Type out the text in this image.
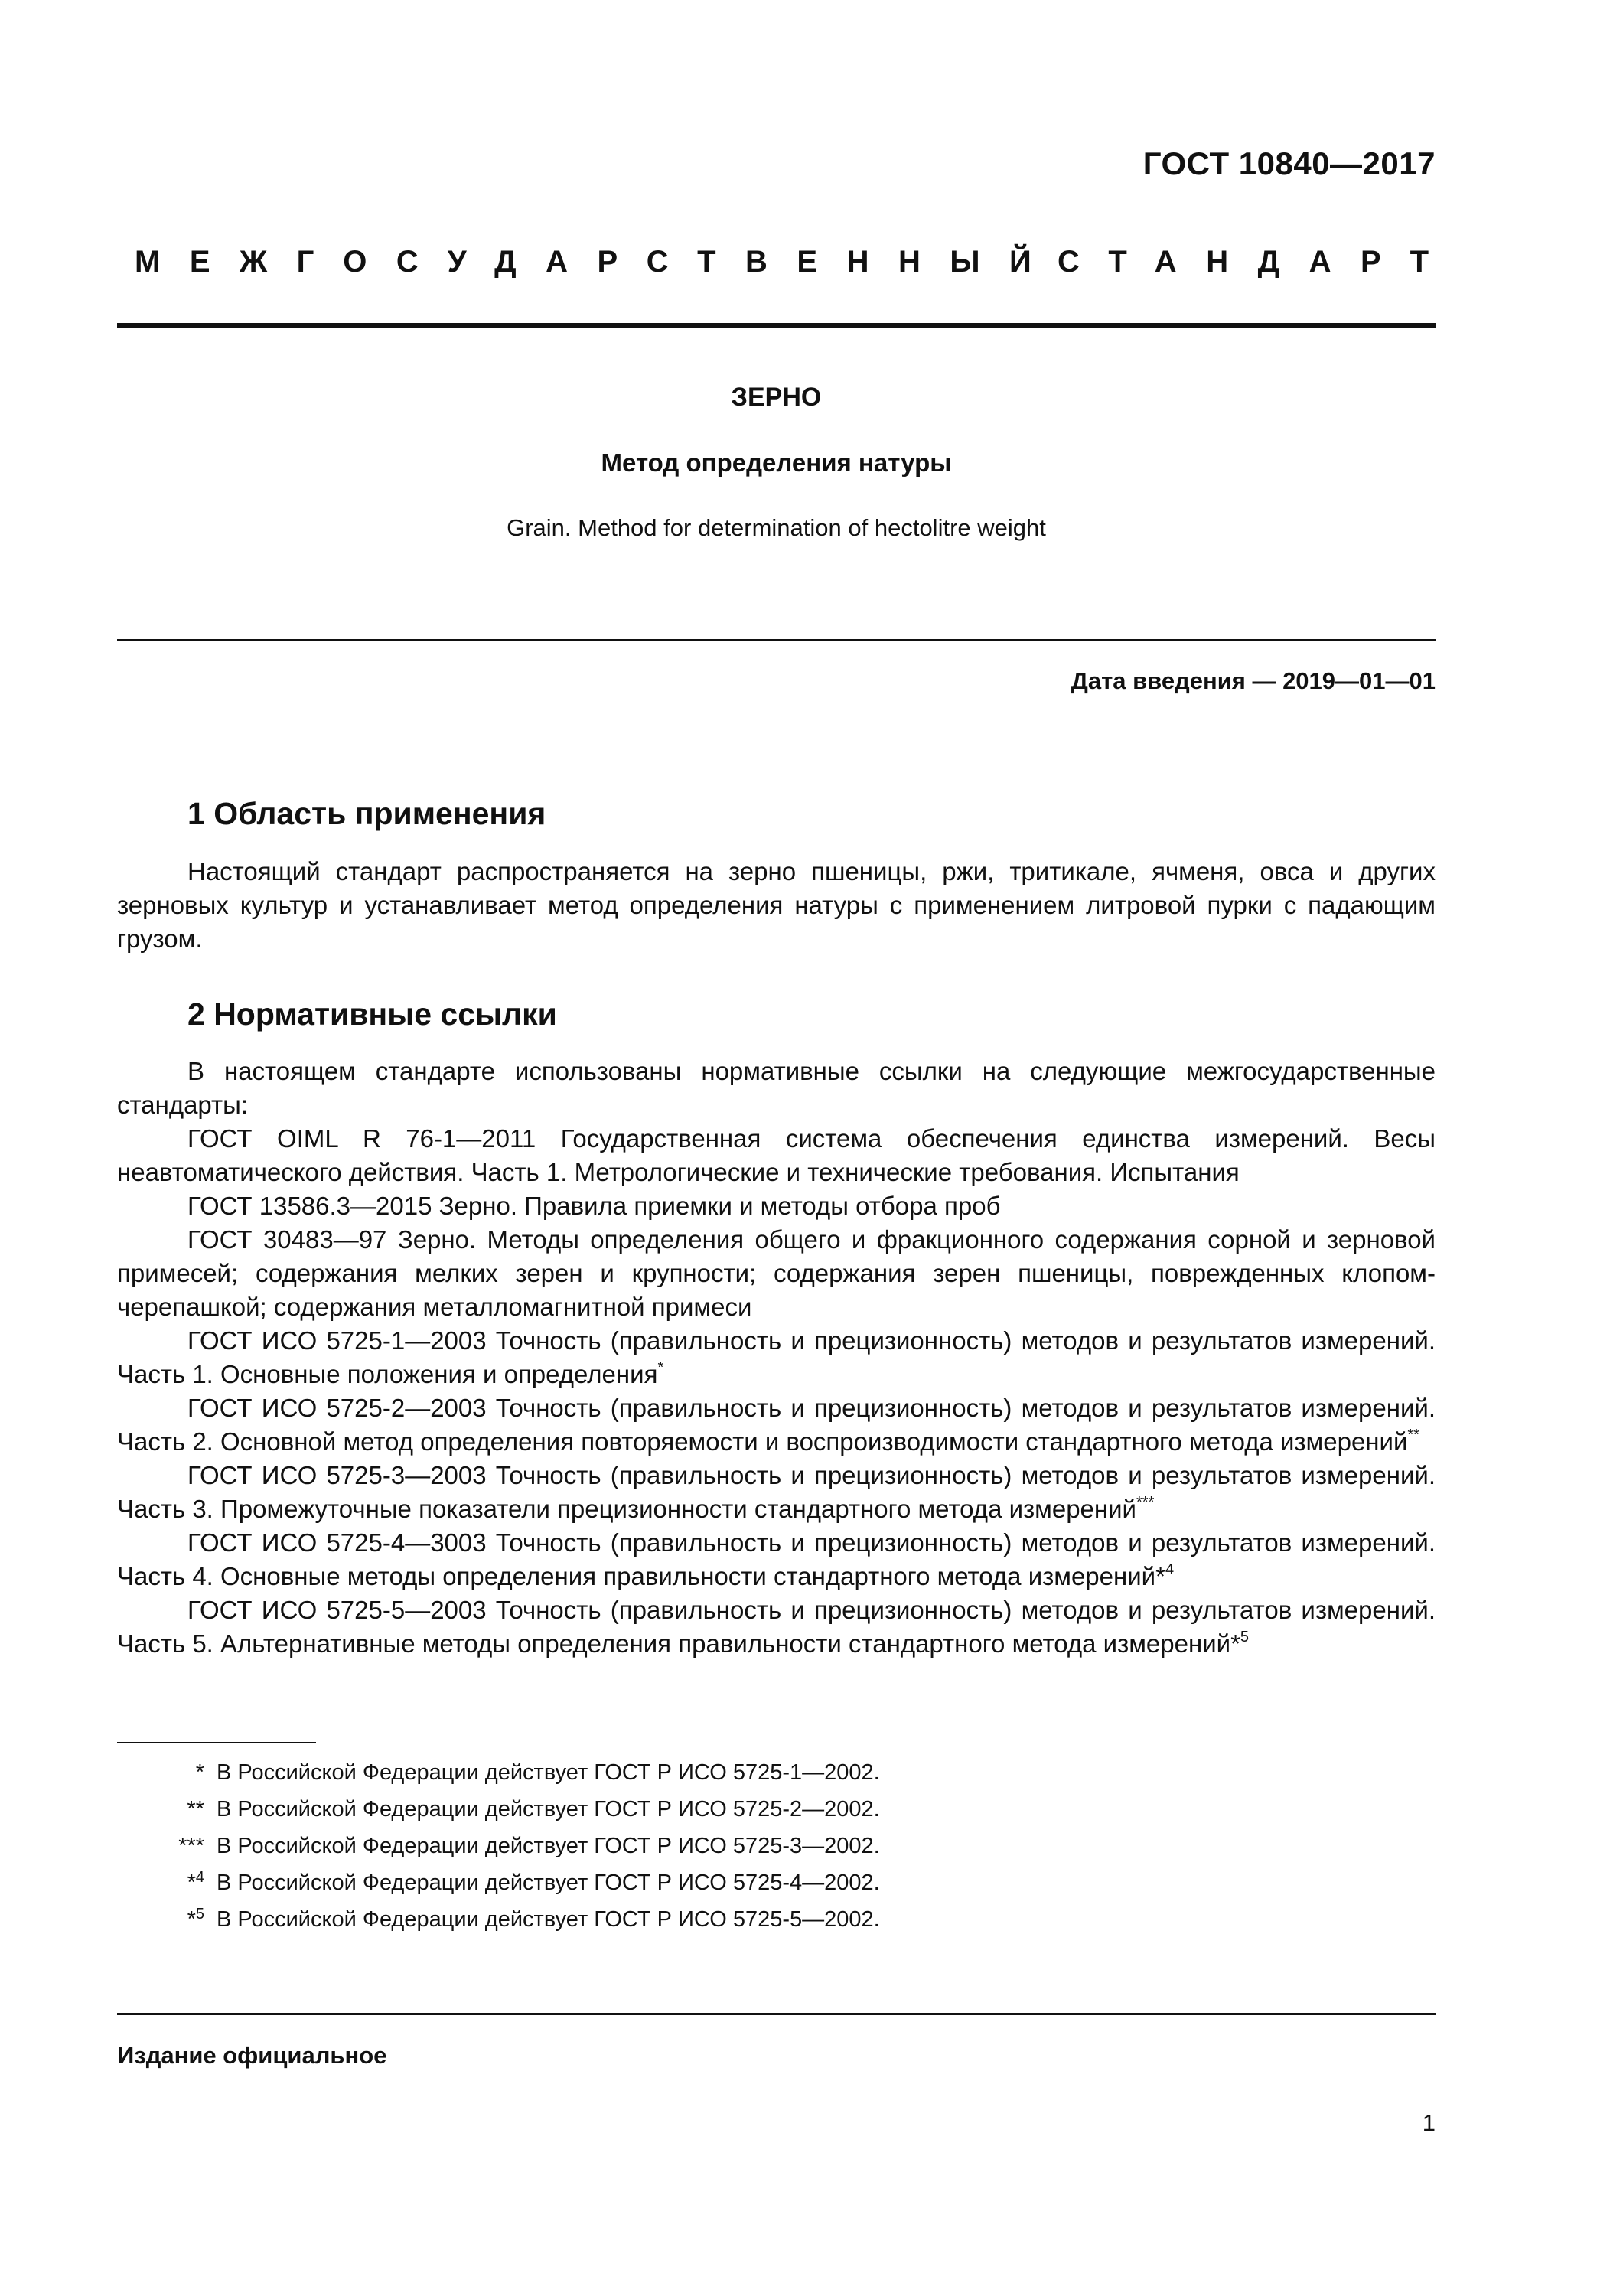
ГОСТ 10840—2017
МЕЖГОСУДАРСТВЕННЫЙ
СТАНДАРТ
ЗЕРНО
Метод определения натуры
Grain. Method for determination of hectolitre weight
Дата введения — 2019—01—01
1 Область применения

Настоящий стандарт распространяется на зерно пшеницы, ржи, тритикале, ячменя, овса и других зерновых культур и устанавливает метод определения натуры с применением литровой пурки с падающим грузом.

2 Нормативные ссылки

В настоящем стандарте использованы нормативные ссылки на следующие межгосударственные стандарты:

ГОСТ OIML R 76-1—2011 Государственная система обеспечения единства измерений. Весы неавтоматического действия. Часть 1. Метрологические и технические требования. Испытания

ГОСТ 13586.3—2015 Зерно. Правила приемки и методы отбора проб

ГОСТ 30483—97 Зерно. Методы определения общего и фракционного содержания сорной и зерновой примесей; содержания мелких зерен и крупности; содержания зерен пшеницы, поврежденных клопом-черепашкой; содержания металломагнитной примеси

ГОСТ ИСО 5725-1—2003 Точность (правильность и прецизионность) методов и результатов измерений. Часть 1. Основные положения и определения*

ГОСТ ИСО 5725-2—2003 Точность (правильность и прецизионность) методов и результатов измерений. Часть 2. Основной метод определения повторяемости и воспроизводимости стандартного метода измерений**

ГОСТ ИСО 5725-3—2003 Точность (правильность и прецизионность) методов и результатов измерений. Часть 3. Промежуточные показатели прецизионности стандартного метода измерений***

ГОСТ ИСО 5725-4—3003 Точность (правильность и прецизионность) методов и результатов измерений. Часть 4. Основные методы определения правильности стандартного метода измерений*$^4$

ГОСТ ИСО 5725-5—2003 Точность (правильность и прецизионность) методов и результатов измерений. Часть 5. Альтернативные методы определения правильности стандартного метода измерений*$^5$

* В Российской Федерации действует ГОСТ Р ИСО 5725-1—2002.
** В Российской Федерации действует ГОСТ Р ИСО 5725-2—2002.
*** В Российской Федерации действует ГОСТ Р ИСО 5725-3—2002.
*$^4$ В Российской Федерации действует ГОСТ Р ИСО 5725-4—2002.
*$^5$ В Российской Федерации действует ГОСТ Р ИСО 5725-5—2002.
Издание официальное
1
